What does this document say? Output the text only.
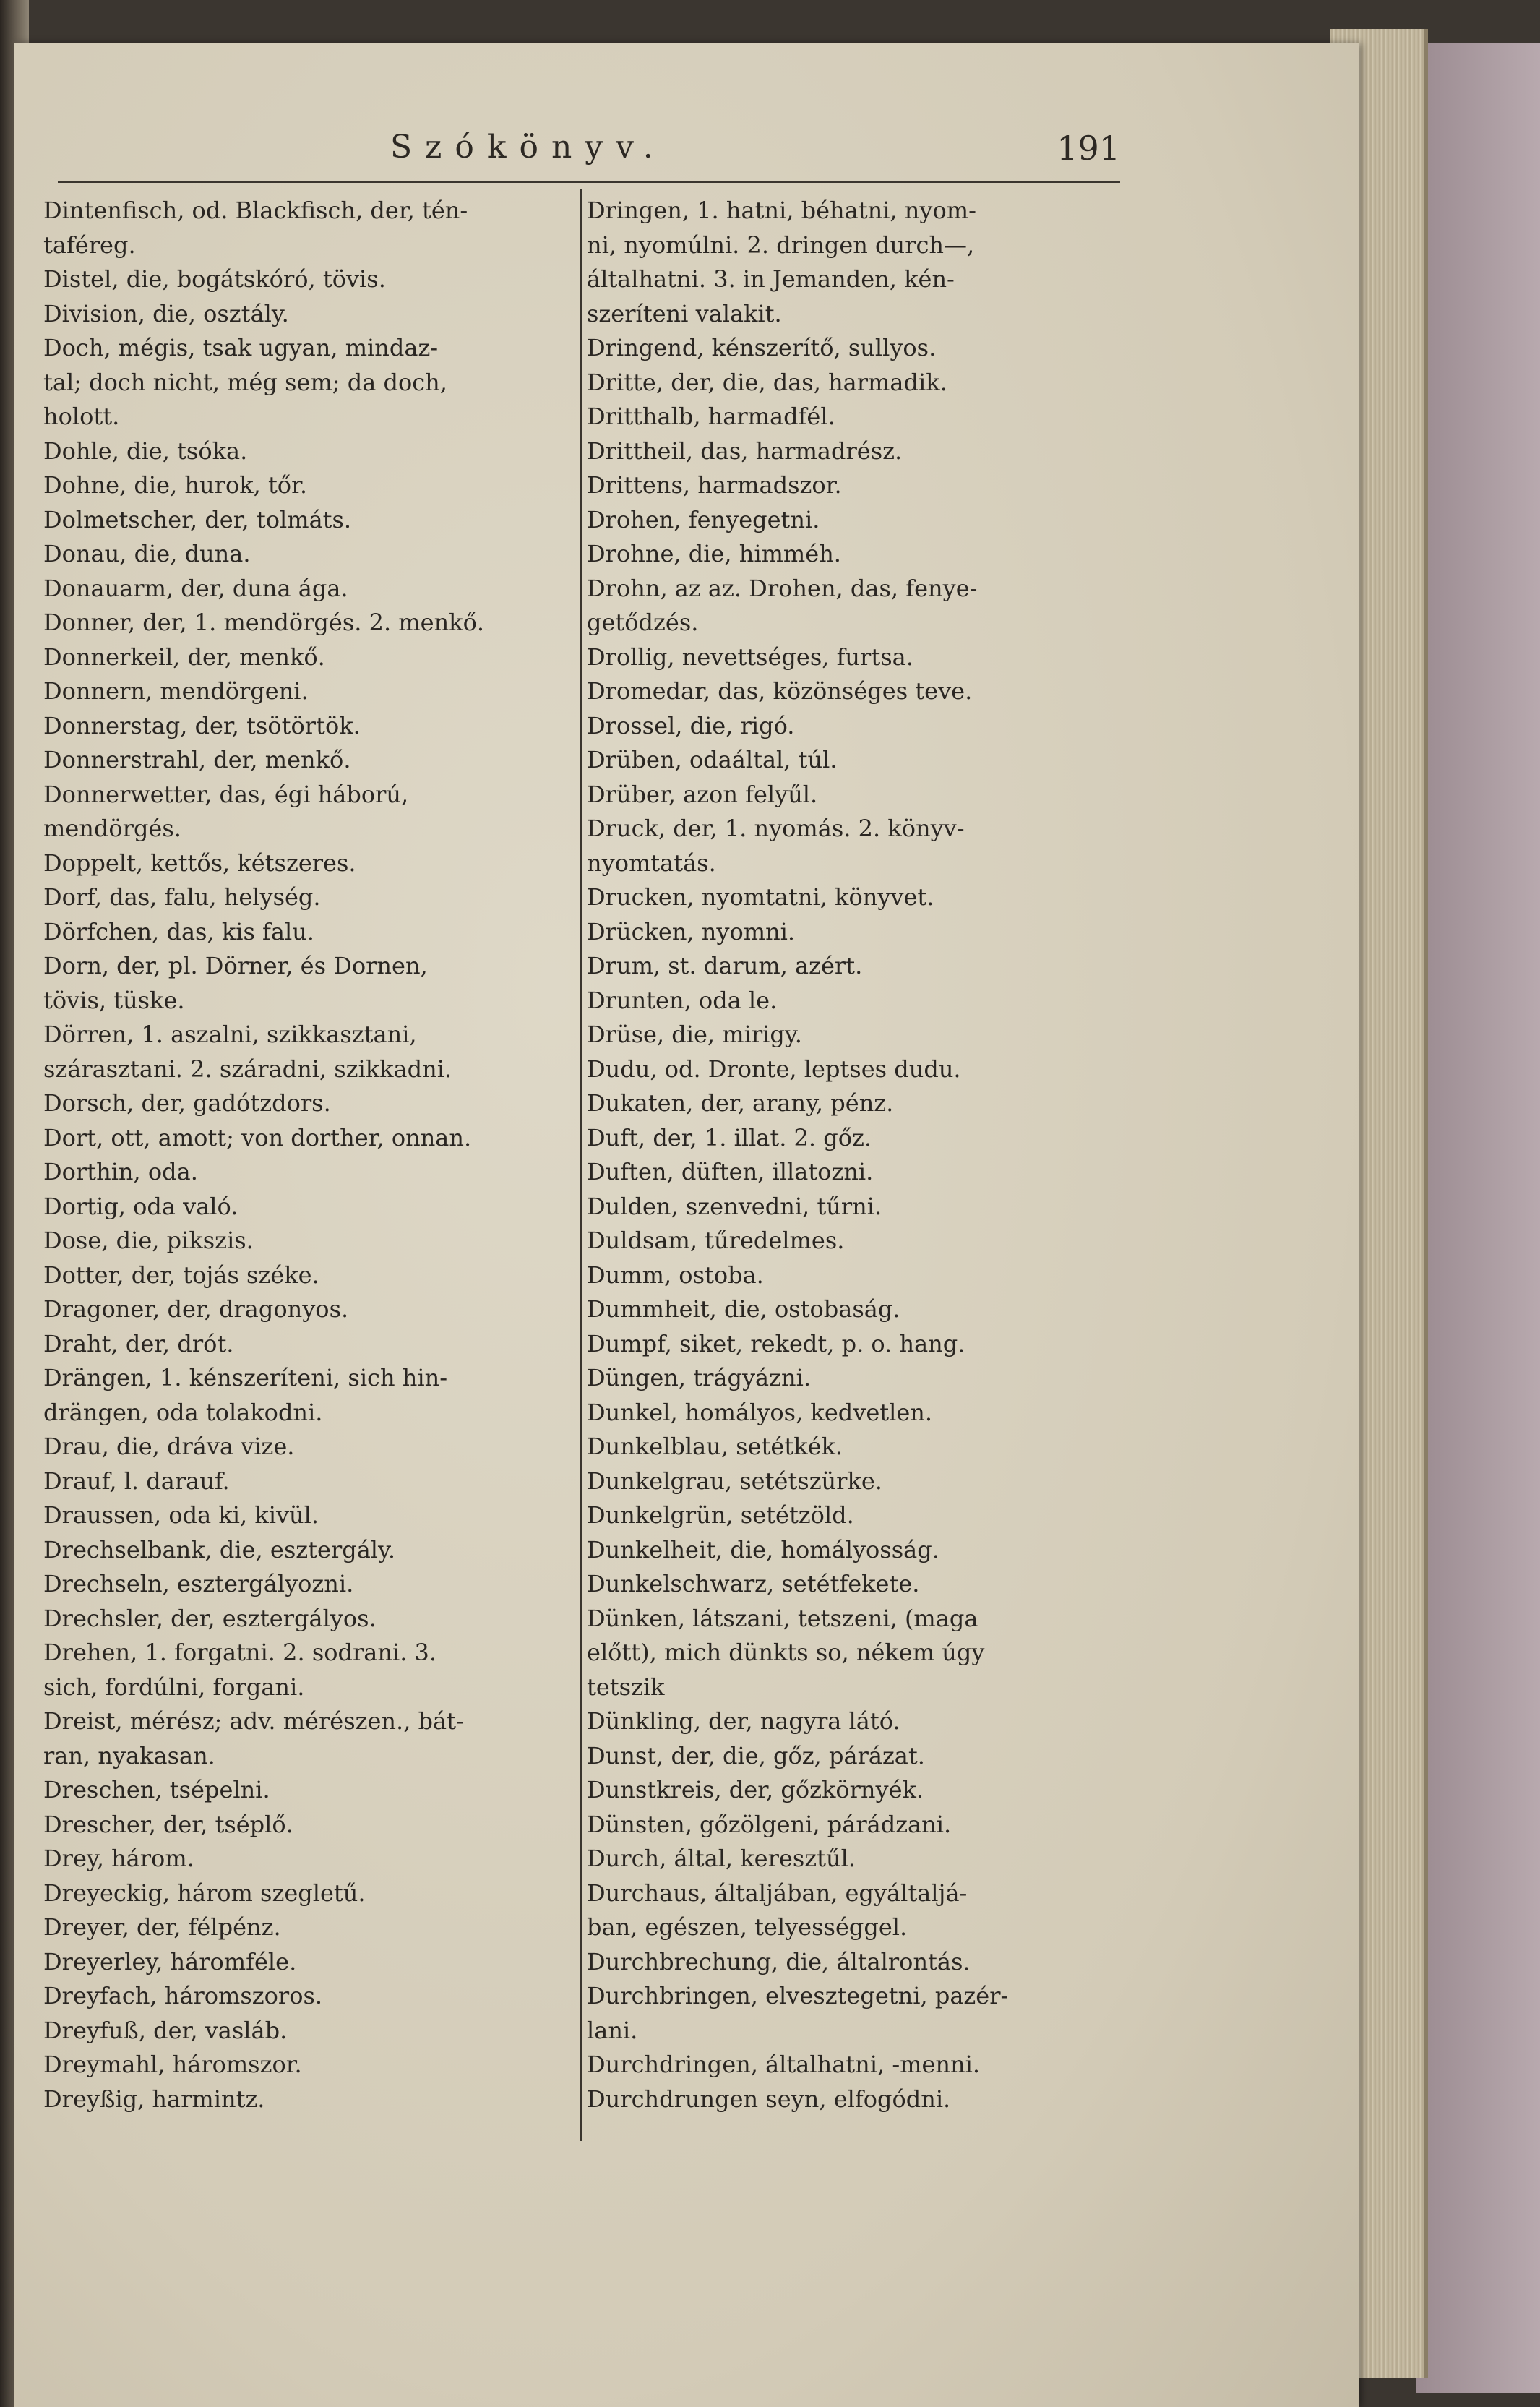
Szókönyv.	191
Dintenfisch, od. Blackfisch, der, tén-
taféreg.
Distel, die, bogátskóró, tövis.
Division, die, osztály.
Doch, mégis, tsak ugyan, mindaz-
tal; doch nicht, még sem; da doch,
holott.
Dohle, die, tsóka.
Dohne, die, hurok, tőr.
Dolmetscher, der, tolmáts.
Donau, die, duna.
Donauarm, der, duna ága.
Donner, der, 1. mendörgés. 2. menkő.
Donnerkeil, der, menkő.
Donnern, mendörgeni.
Donnerstag, der, tsötörtök.
Donnerstrahl, der, menkő.
Donnerwetter, das, égi háború,
mendörgés.
Doppelt, kettős, kétszeres.
Dorf, das, falu, helység.
Dörfchen, das, kis falu.
Dorn, der, pl. Dörner, és Dornen,
tövis, tüske.
Dörren, 1. aszalni, szikkasztani,
szárasztani. 2. száradni, szikkadni.
Dorsch, der, gadótzdors.
Dort, ott, amott; von dorther, onnan.
Dorthin, oda.
Dortig, oda való.
Dose, die, pikszis.
Dotter, der, tojás széke.
Dragoner, der, dragonyos.
Draht, der, drót.
Drängen, 1. kénszeríteni, sich hin-
drängen, oda tolakodni.
Drau, die, dráva vize.
Drauf, l. darauf.
Draussen, oda ki, kivül.
Drechselbank, die, esztergály.
Drechseln, esztergályozni.
Drechsler, der, esztergályos.
Drehen, 1. forgatni. 2. sodrani. 3.
sich, fordúlni, forgani.
Dreist, mérész; adv. mérészen., bát-
ran, nyakasan.
Dreschen, tsépelni.
Drescher, der, tséplő.
Drey, három.
Dreyeckig, három szegletű.
Dreyer, der, félpénz.
Dreyerley, háromféle.
Dreyfach, háromszoros.
Dreyfuß, der, vasláb.
Dreymahl, háromszor.
Dreyßig, harmintz.
Dringen, 1. hatni, béhatni, nyom-
ni, nyomúlni. 2. dringen durch—,
általhatni. 3. in Jemanden, kén-
szeríteni valakit.
Dringend, kénszerítő, sullyos.
Dritte, der, die, das, harmadik.
Dritthalb, harmadfél.
Drittheil, das, harmadrész.
Drittens, harmadszor.
Drohen, fenyegetni.
Drohne, die, himméh.
Drohn, az az. Drohen, das, fenye-
getődzés.
Drollig, nevettséges, furtsa.
Dromedar, das, közönséges teve.
Drossel, die, rigó.
Drüben, odaáltal, túl.
Drüber, azon felyűl.
Druck, der, 1. nyomás. 2. könyv-
nyomtatás.
Drucken, nyomtatni, könyvet.
Drücken, nyomni.
Drum, st. darum, azért.
Drunten, oda le.
Drüse, die, mirigy.
Dudu, od. Dronte, leptses dudu.
Dukaten, der, arany, pénz.
Duft, der, 1. illat. 2. gőz.
Duften, düften, illatozni.
Dulden, szenvedni, tűrni.
Duldsam, tűredelmes.
Dumm, ostoba.
Dummheit, die, ostobaság.
Dumpf, siket, rekedt, p. o. hang.
Düngen, trágyázni.
Dunkel, homályos, kedvetlen.
Dunkelblau, setétkék.
Dunkelgrau, setétszürke.
Dunkelgrün, setétzöld.
Dunkelheit, die, homályosság.
Dunkelschwarz, setétfekete.
Dünken, látszani, tetszeni, (maga
előtt), mich dünkts so, nékem úgy
tetszik
Dünkling, der, nagyra látó.
Dunst, der, die, gőz, párázat.
Dunstkreis, der, gőzkörnyék.
Dünsten, gőzölgeni, párádzani.
Durch, által, keresztűl.
Durchaus, általjában, egyáltaljá-
ban, egészen, telyességgel.
Durchbrechung, die, általrontás.
Durchbringen, elvesztegetni, pazér-
lani.
Durchdringen, általhatni, -menni.
Durchdrungen seyn, elfogódni.
